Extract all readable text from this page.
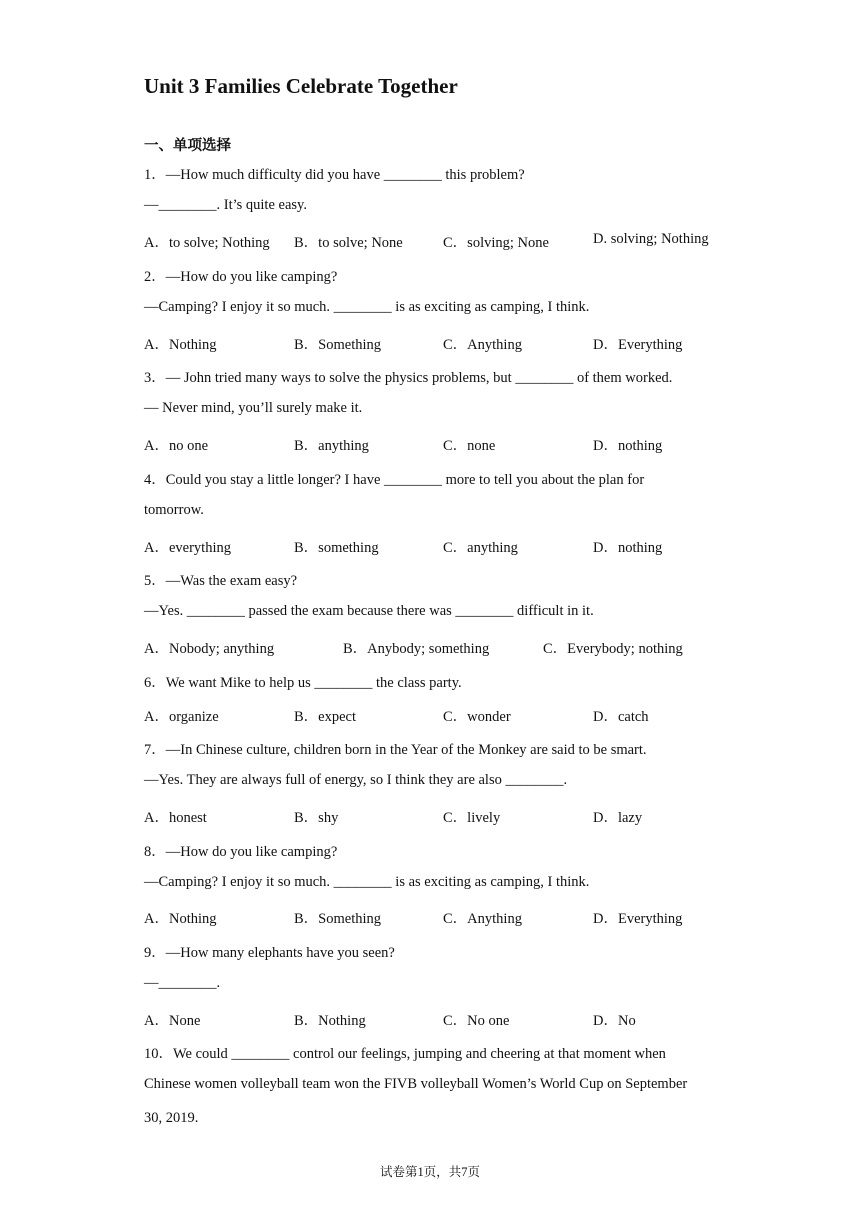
Unit 3 Families Celebrate Together
一、单项选择
1．—How much difficulty did you have ________ this problem?
—________. It’s quite easy.
A．to solve; Nothing B．to solve; None	C．solving; None	D. solving; Nothing
2．—How do you like camping?
—Camping? I enjoy it so much. ________ is as exciting as camping, I think.
A．Nothing	B．Something	C．Anything	D．Everything
3．— John tried many ways to solve the physics problems, but ________ of them worked.
— Never mind, you’ll surely make it.
A．no one	B．anything	C．none	D．nothing
4．Could you stay a little longer? I have ________ more to tell you about the plan for
tomorrow.
A．everything	B．something	C．anything	D．nothing
5．—Was the exam easy?
—Yes. ________ passed the exam because there was ________ difficult in it.
A．Nobody; anything	B．Anybody; something	C．Everybody; nothing
6．We want Mike to help us ________ the class party.
A．organize	B．expect	C．wonder	D．catch
7．—In Chinese culture, children born in the Year of the Monkey are said to be smart.
—Yes. They are always full of energy, so I think they are also ________.
A．honest	B．shy	C．lively	D．lazy
8．—How do you like camping?
—Camping? I enjoy it so much. ________ is as exciting as camping, I think.
A．Nothing	B．Something	C．Anything	D．Everything
9．—How many elephants have you seen?
—________.
A．None	B．Nothing	C．No one	D．No
10．We could ________ control our feelings, jumping and cheering at that moment when
Chinese women volleyball team won the FIVB volleyball Women’s World Cup on September
30, 2019.
试卷第1页，共7页
